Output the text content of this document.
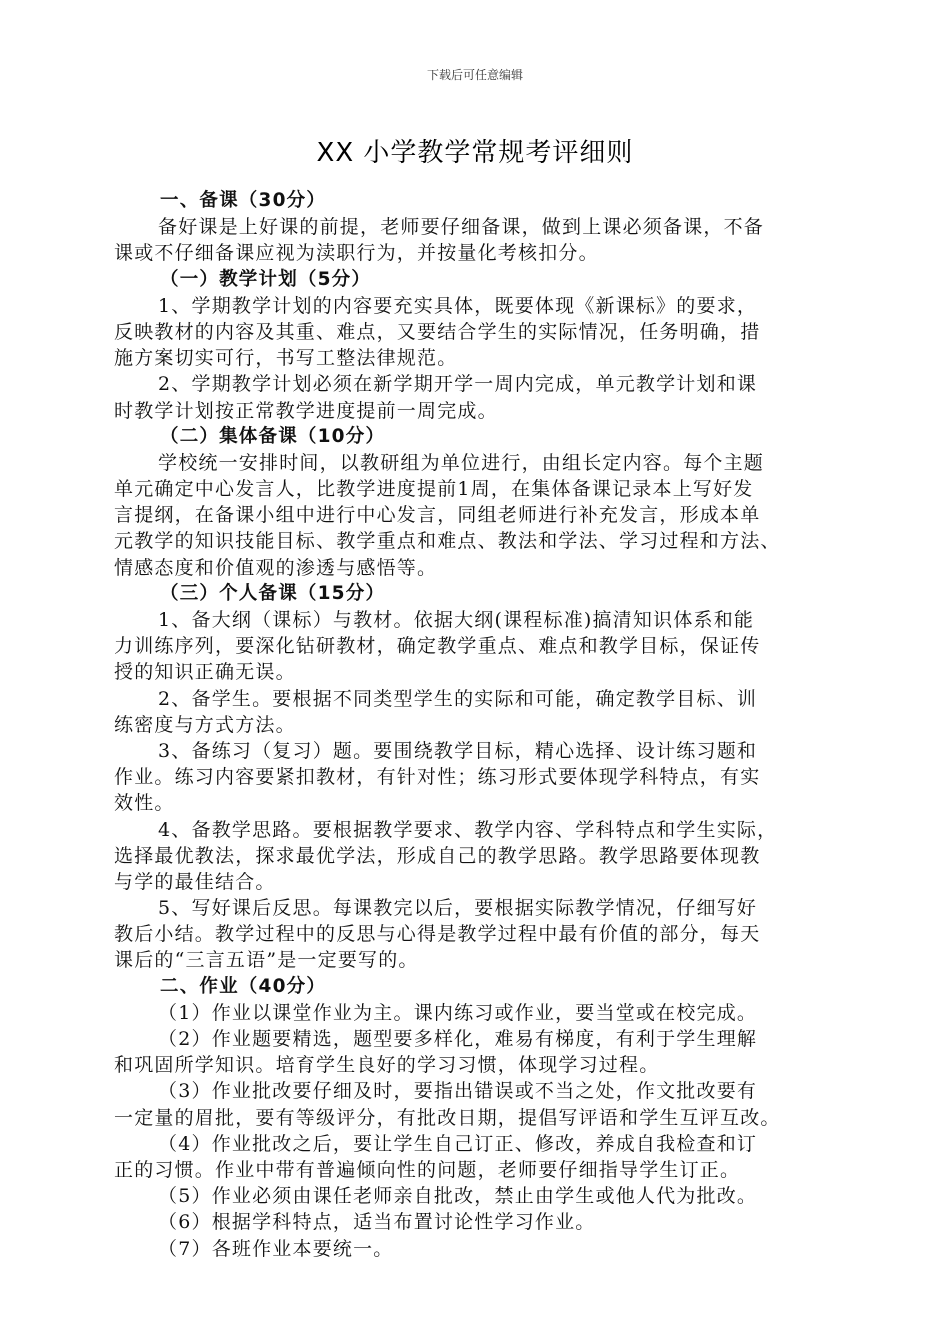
下载后可任意编辑
XX 小学教学常规考评细则
一、备课（30分）
备好课是上好课的前提，老师要仔细备课，做到上课必须备课，不备
课或不仔细备课应视为渎职行为，并按量化考核扣分。
（一）教学计划（5分）
1、学期教学计划的内容要充实具体，既要体现《新课标》的要求，
反映教材的内容及其重、难点，又要结合学生的实际情况，任务明确，措
施方案切实可行，书写工整法律规范。
2、学期教学计划必须在新学期开学一周内完成，单元教学计划和课
时教学计划按正常教学进度提前一周完成。
（二）集体备课（10分）
学校统一安排时间，以教研组为单位进行，由组长定内容。每个主题
单元确定中心发言人，比教学进度提前1周，在集体备课记录本上写好发
言提纲，在备课小组中进行中心发言，同组老师进行补充发言，形成本单
元教学的知识技能目标、教学重点和难点、教法和学法、学习过程和方法、
情感态度和价值观的渗透与感悟等。
（三）个人备课（15分）
1、备大纲（课标）与教材。依据大纲(课程标准)搞清知识体系和能
力训练序列，要深化钻研教材，确定教学重点、难点和教学目标，保证传
授的知识正确无误。
2、备学生。要根据不同类型学生的实际和可能，确定教学目标、训
练密度与方式方法。
3、备练习（复习）题。要围绕教学目标，精心选择、设计练习题和
作业。练习内容要紧扣教材，有针对性；练习形式要体现学科特点，有实
效性。
4、备教学思路。要根据教学要求、教学内容、学科特点和学生实际，
选择最优教法，探求最优学法，形成自己的教学思路。教学思路要体现教
与学的最佳结合。
5、写好课后反思。每课教完以后，要根据实际教学情况，仔细写好
教后小结。教学过程中的反思与心得是教学过程中最有价值的部分，每天
课后的“三言五语”是一定要写的。
二、作业（40分）
（1）作业以课堂作业为主。课内练习或作业，要当堂或在校完成。
（2）作业题要精选，题型要多样化，难易有梯度，有利于学生理解
和巩固所学知识。培育学生良好的学习习惯，体现学习过程。
（3）作业批改要仔细及时，要指出错误或不当之处，作文批改要有
一定量的眉批，要有等级评分，有批改日期，提倡写评语和学生互评互改。
（4）作业批改之后，要让学生自己订正、修改，养成自我检查和订
正的习惯。作业中带有普遍倾向性的问题，老师要仔细指导学生订正。
（5）作业必须由课任老师亲自批改，禁止由学生或他人代为批改。
（6）根据学科特点，适当布置讨论性学习作业。
（7）各班作业本要统一。
